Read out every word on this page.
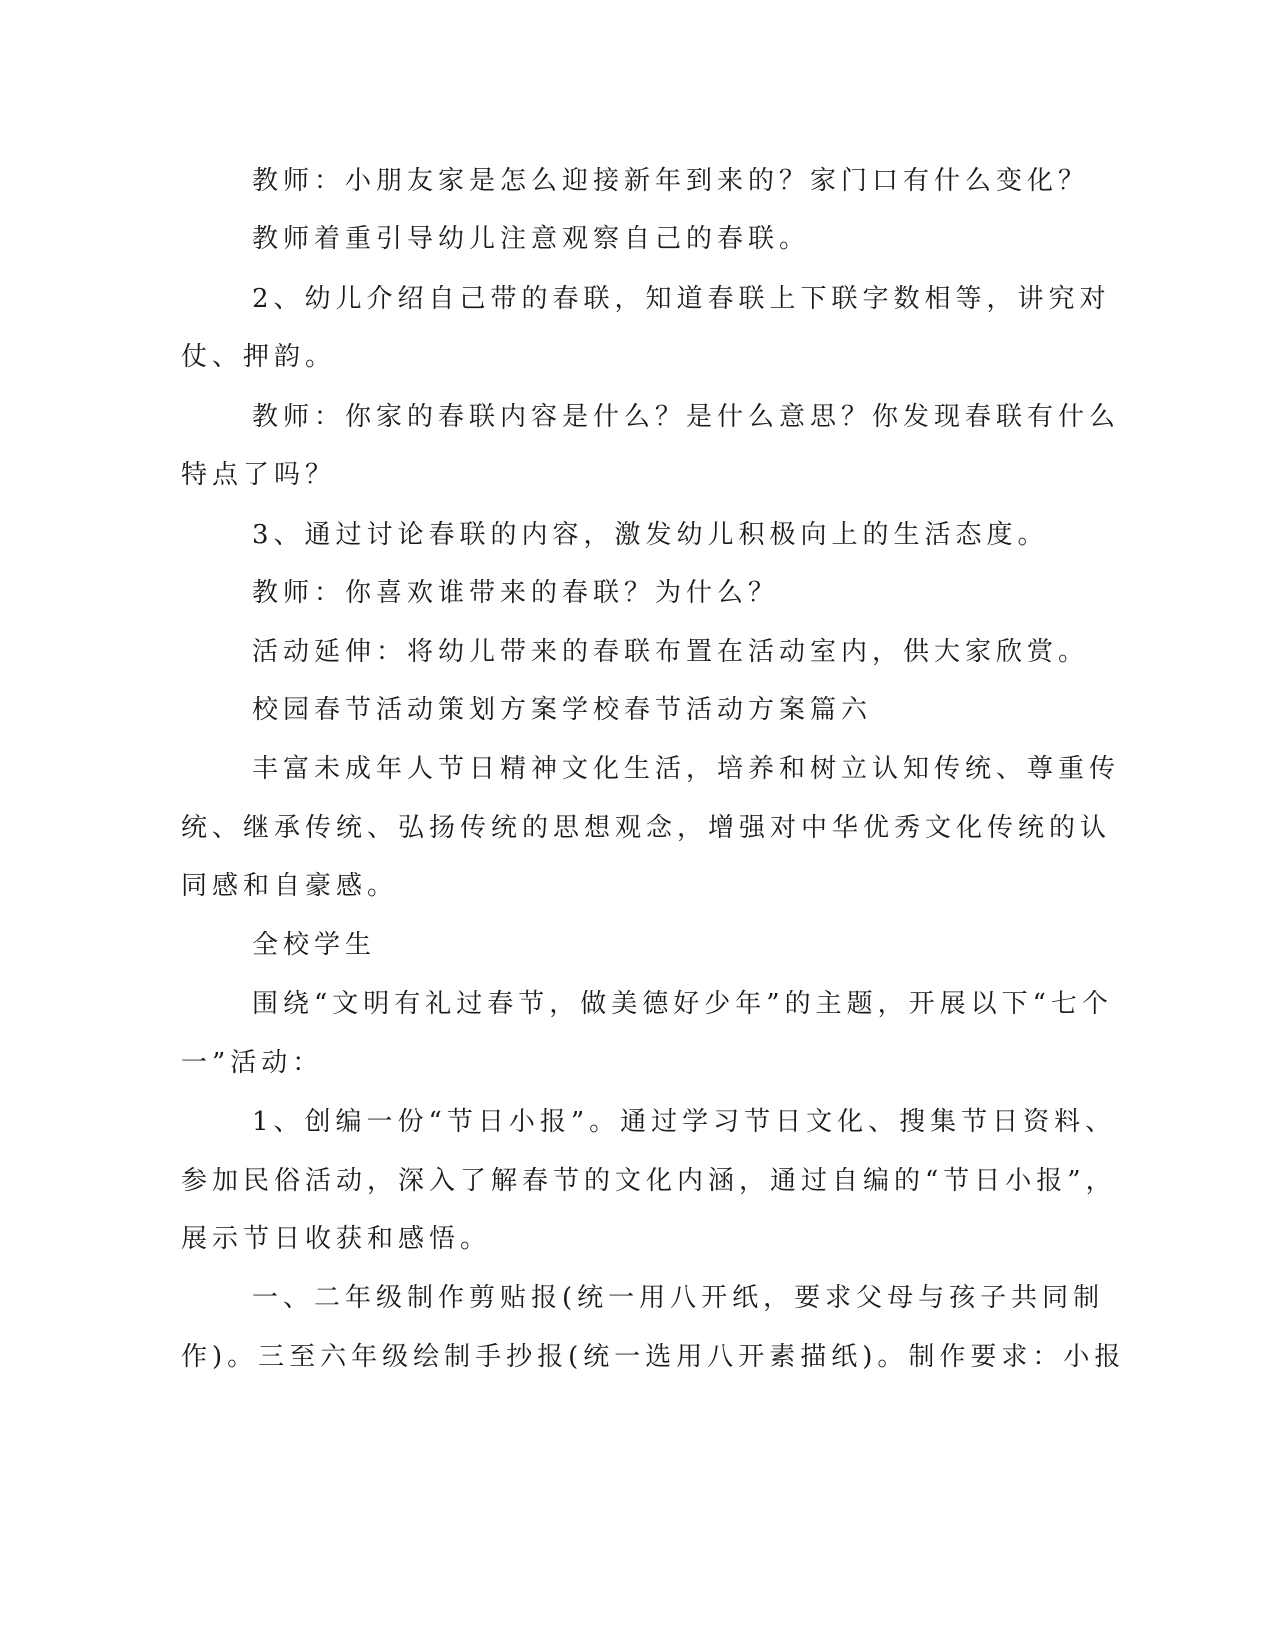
教师：小朋友家是怎么迎接新年到来的？家门口有什么变化？
教师着重引导幼儿注意观察自己的春联。
2、幼儿介绍自己带的春联，知道春联上下联字数相等，讲究对
仗、押韵。
教师：你家的春联内容是什么？是什么意思？你发现春联有什么
特点了吗？
3、通过讨论春联的内容，激发幼儿积极向上的生活态度。
教师：你喜欢谁带来的春联？为什么？
活动延伸：将幼儿带来的春联布置在活动室内，供大家欣赏。
校园春节活动策划方案学校春节活动方案篇六
丰富未成年人节日精神文化生活，培养和树立认知传统、尊重传
统、继承传统、弘扬传统的思想观念，增强对中华优秀文化传统的认
同感和自豪感。
全校学生
围绕“文明有礼过春节，做美德好少年”的主题，开展以下“七个
一”活动：
1、创编一份“节日小报”。通过学习节日文化、搜集节日资料、
参加民俗活动，深入了解春节的文化内涵，通过自编的“节日小报”，
展示节日收获和感悟。
一、二年级制作剪贴报(统一用八开纸，要求父母与孩子共同制
作)。三至六年级绘制手抄报(统一选用八开素描纸)。制作要求：小报
